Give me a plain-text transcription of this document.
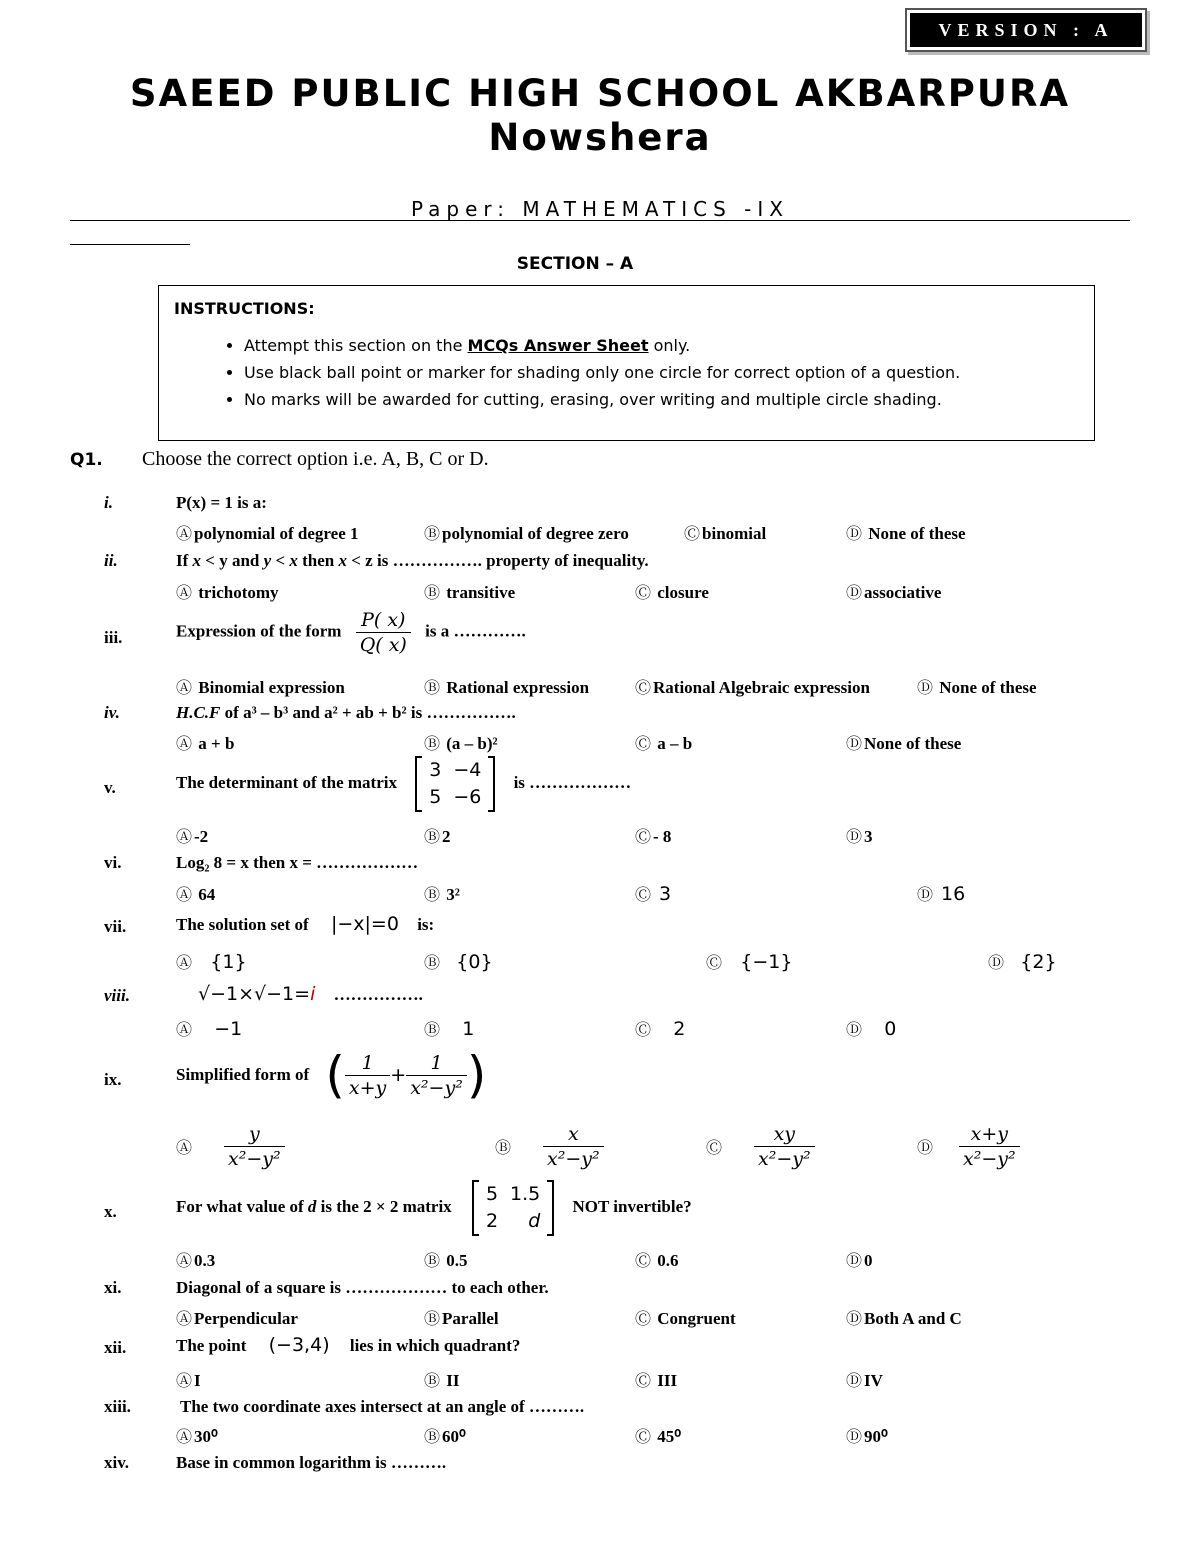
VERSION : A
SAEED PUBLIC HIGH SCHOOL AKBARPURA
Nowshera
Paper: MATHEMATICS -IX
SECTION – A
INSTRUCTIONS:
• Attempt this section on the MCQs Answer Sheet only.
• Use black ball point or marker for shading only one circle for correct option of a question.
• No marks will be awarded for cutting, erasing, over writing and multiple circle shading.
Q1. Choose the correct option i.e. A, B, C or D.
i.	P(x) = 1 is a:
Ⓐ polynomial of degree 1	Ⓑ polynomial of degree zero	Ⓒ binomial	Ⓓ None of these
ii.	If x < y and y < x then x < z is ……………. property of inequality.
Ⓐ trichotomy	Ⓑ transitive	Ⓒ closure	Ⓓ associative
iii.	Expression of the form $\frac{P( x)}{Q( x)}$ is a ………….
Ⓐ Binomial expression	Ⓑ Rational expression	Ⓒ Rational Algebraic expression	Ⓓ None of these
iv.	H.C.F of a³ – b³ and a² + ab + b² is …………….
Ⓐ a + b	Ⓑ (a – b)²	Ⓒ a – b	Ⓓ None of these
v.	The determinant of the matrix
3	−4
5	−6
is ………………
Ⓐ -2	Ⓑ 2	Ⓒ - 8	Ⓓ 3
vi.	Log₂ 8 = x then x = ………………
Ⓐ 64	Ⓑ 3²	Ⓒ 3	Ⓓ 16
vii.	The solution set of |−x|=0 is:
Ⓐ {1}	Ⓑ {0}	Ⓒ {−1}	Ⓓ {2}
viii.	√−1×√−1=i …………….
Ⓐ −1	Ⓑ 1	Ⓒ 2	Ⓓ 0
ix.	Simplified form of ( $\frac{1}{x+y} + \frac{1}{\text{x²−y²}}$ )
Ⓐ $\frac{y}{\text{x²−y²}}$	Ⓑ $\frac{x}{\text{x²−y²}}$	Ⓒ $\frac{xy}{\text{x²−y²}}$	Ⓓ $\frac{x+y}{\text{x²−y²}}$
x.	For what value of d is the 2 × 2 matrix
5	1.5
2	d
NOT invertible?
Ⓐ 0.3	Ⓑ 0.5	Ⓒ 0.6	Ⓓ 0
xi.	Diagonal of a square is ……………… to each other.
Ⓐ Perpendicular	Ⓑ Parallel	Ⓒ Congruent	Ⓓ Both A and C
xii.	The point (−3,4) lies in which quadrant?
Ⓐ I	Ⓑ II	Ⓒ III	Ⓓ IV
xiii.	The two coordinate axes intersect at an angle of ……….
Ⓐ 30⁰	Ⓑ 60⁰	Ⓒ 45⁰	Ⓓ 90⁰
xiv.	Base in common logarithm is ……….
